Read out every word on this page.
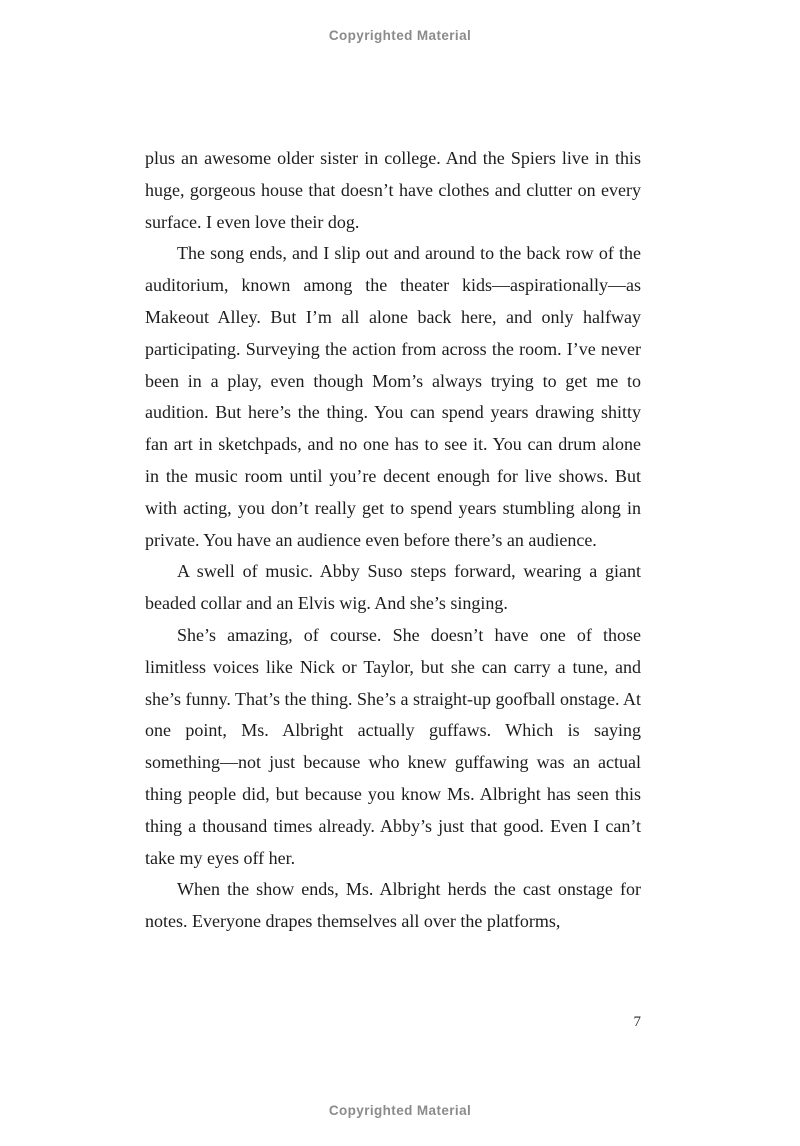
Copyrighted Material

plus an awesome older sister in college. And the Spiers live in this huge, gorgeous house that doesn’t have clothes and clutter on every surface. I even love their dog.

The song ends, and I slip out and around to the back row of the auditorium, known among the theater kids—aspirationally—as Makeout Alley. But I’m all alone back here, and only halfway participating. Surveying the action from across the room. I’ve never been in a play, even though Mom’s always trying to get me to audition. But here’s the thing. You can spend years drawing shitty fan art in sketchpads, and no one has to see it. You can drum alone in the music room until you’re decent enough for live shows. But with acting, you don’t really get to spend years stumbling along in private. You have an audience even before there’s an audience.

A swell of music. Abby Suso steps forward, wearing a giant beaded collar and an Elvis wig. And she’s singing.

She’s amazing, of course. She doesn’t have one of those limitless voices like Nick or Taylor, but she can carry a tune, and she’s funny. That’s the thing. She’s a straight-up goofball onstage. At one point, Ms. Albright actually guffaws. Which is saying something—not just because who knew guffawing was an actual thing people did, but because you know Ms. Albright has seen this thing a thousand times already. Abby’s just that good. Even I can’t take my eyes off her.

When the show ends, Ms. Albright herds the cast onstage for notes. Everyone drapes themselves all over the platforms,

7
Copyrighted Material
